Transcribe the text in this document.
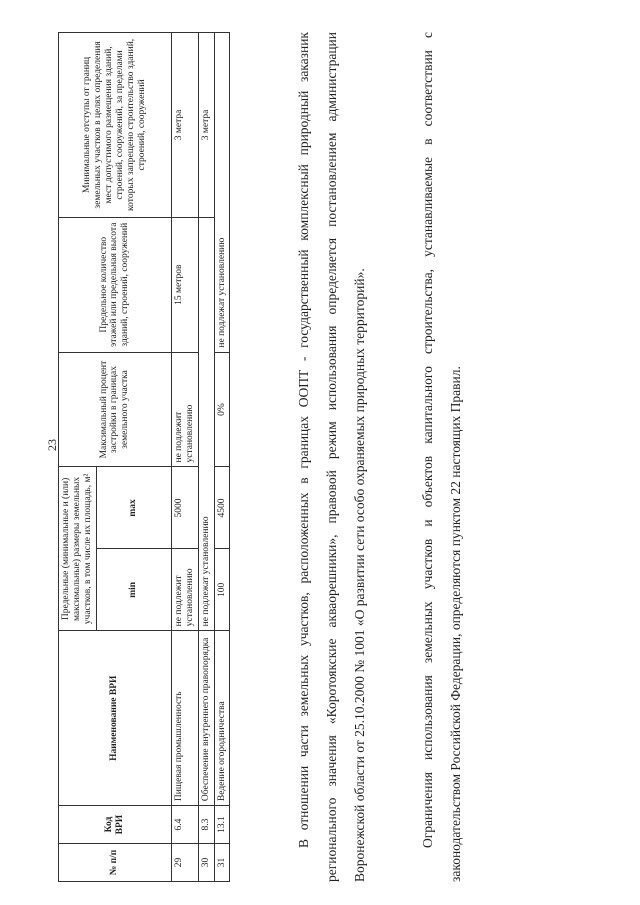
23
№ п/п	Код ВРИ	Наименование ВРИ	Предельные (минимальные и (или) максимальные) размеры земельных участков, в том числе их площадь, м²		Максимальный процент застройки в границах земельного участка	Предельное количество этажей или предельная высота зданий, строений, сооружений	Минимальные отступы от границ земельных участков в целях определения мест допустимого размещения зданий, строений, сооружений, за пределами которых запрещено строительство зданий, строений, сооружений
			min	max			
29	6.4	Пищевая промышленность	не подлежит установлению	5000	не подлежит установлению	15 метров	3 метра
30	8.3	Обеспечение внутреннего правопорядка	не подлежат установлению				3 метра
31	13.1	Ведение огородничества	100	4500	0%	не подлежат установлению		В отношении части земельных участков, расположенных в границах ООПТ - государственный комплексный природный заказник регионального значения «Коротоякские акваорешники», правовой режим использования определяется постановлением администрации Воронежской области от 25.10.2000 № 1001 «О развитии сети особо охраняемых природных территорий».	Ограничения использования земельных участков и объектов капитального строительства, устанавливаемые в соответствии с законодательством Российской Федерации, определяются пунктом 22 настоящих Правил.
